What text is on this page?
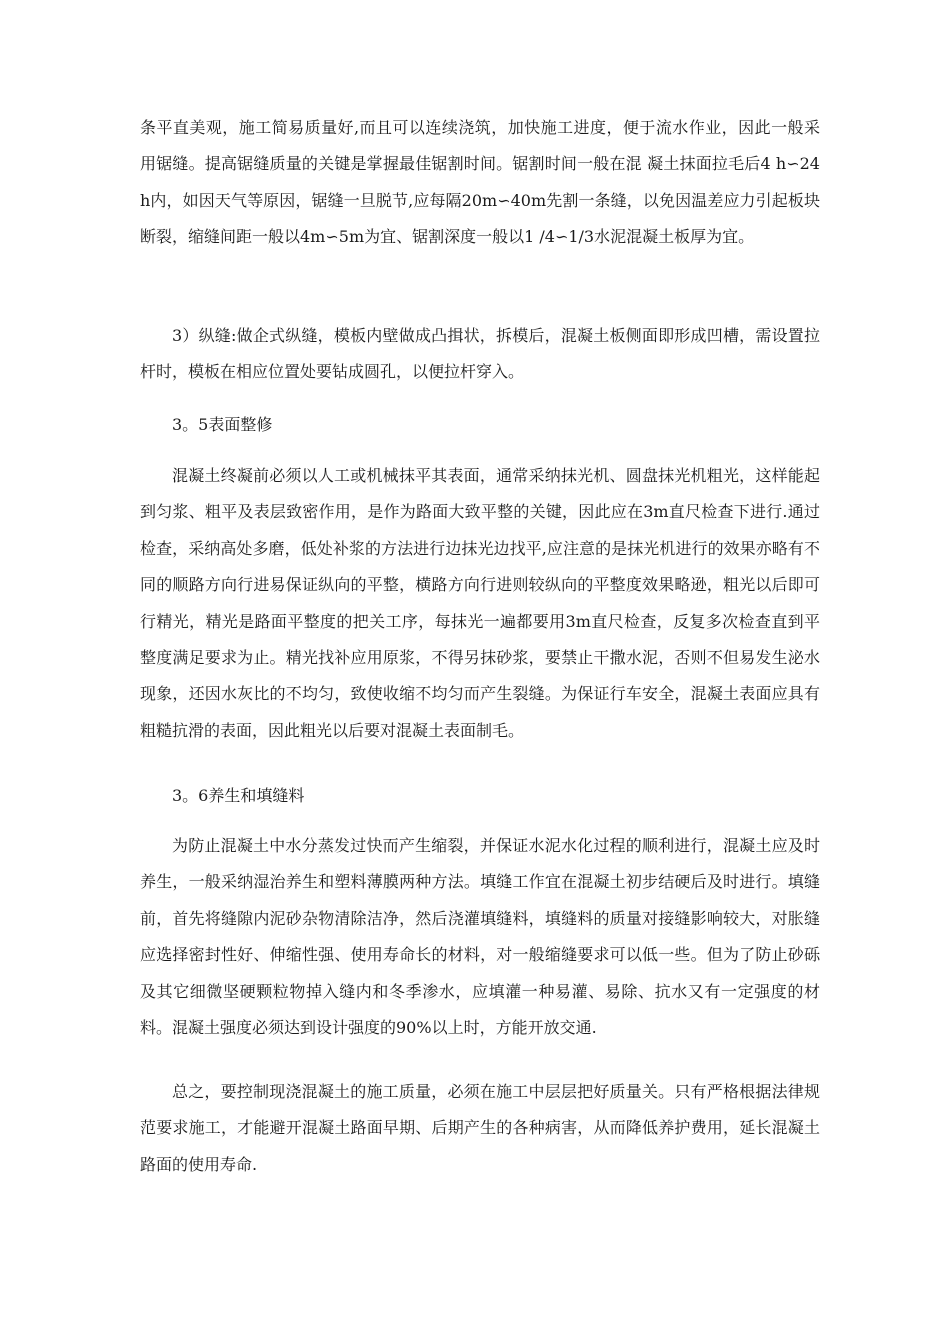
条平直美观，施工简易质量好,而且可以连续浇筑，加快施工进度，便于流水作业，因此一般采 用锯缝。提高锯缝质量的关键是掌握最佳锯割时间。锯割时间一般在混 凝土抹面拉毛后4 h∽24 h内，如因天气等原因，锯缝一旦脱节,应每隔20m∽40m先割一条缝，以免因温差应力引起板块断裂，缩缝间距一般以4m∽5m为宜、锯割深度一般以1 /4∽1/3水泥混凝土板厚为宜。

3）纵缝:做企式纵缝，模板内壁做成凸揖状，拆模后，混凝土板侧面即形成凹槽，需设置拉杆时，模板在相应位置处要钻成圆孔，以便拉杆穿入。

3。5表面整修

混凝土终凝前必须以人工或机械抹平其表面，通常采纳抹光机、圆盘抹光机粗光，这样能起到匀浆、粗平及表层致密作用，是作为路面大致平整的关键，因此应在3m直尺检查下进行.通过检查，采纳高处多磨，低处补浆的方法进行边抹光边找平,应注意的是抹光机进行的效果亦略有不同的顺路方向行进易保证纵向的平整，横路方向行进则较纵向的平整度效果略逊，粗光以后即可行精光，精光是路面平整度的把关工序，每抹光一遍都要用3m直尺检查，反复多次检查直到平整度满足要求为止。精光找补应用原浆，不得另抹砂浆，要禁止干撒水泥，否则不但易发生泌水现象，还因水灰比的不均匀，致使收缩不均匀而产生裂缝。为保证行车安全，混凝土表面应具有粗糙抗滑的表面，因此粗光以后要对混凝土表面制毛。

3。6养生和填缝料

为防止混凝土中水分蒸发过快而产生缩裂，并保证水泥水化过程的顺利进行，混凝土应及时养生，一般采纳湿治养生和塑料薄膜两种方法。填缝工作宜在混凝土初步结硬后及时进行。填缝前，首先将缝隙内泥砂杂物清除洁净，然后浇灌填缝料，填缝料的质量对接缝影响较大，对胀缝应选择密封性好、伸缩性强、使用寿命长的材料，对一般缩缝要求可以低一些。但为了防止砂砾及其它细微坚硬颗粒物掉入缝内和冬季渗水，应填灌一种易灌、易除、抗水又有一定强度的材料。混凝土强度必须达到设计强度的90%以上时，方能开放交通.

总之，要控制现浇混凝土的施工质量，必须在施工中层层把好质量关。只有严格根据法律规范要求施工，才能避开混凝土路面早期、后期产生的各种病害，从而降低养护费用，延长混凝土路面的使用寿命.
